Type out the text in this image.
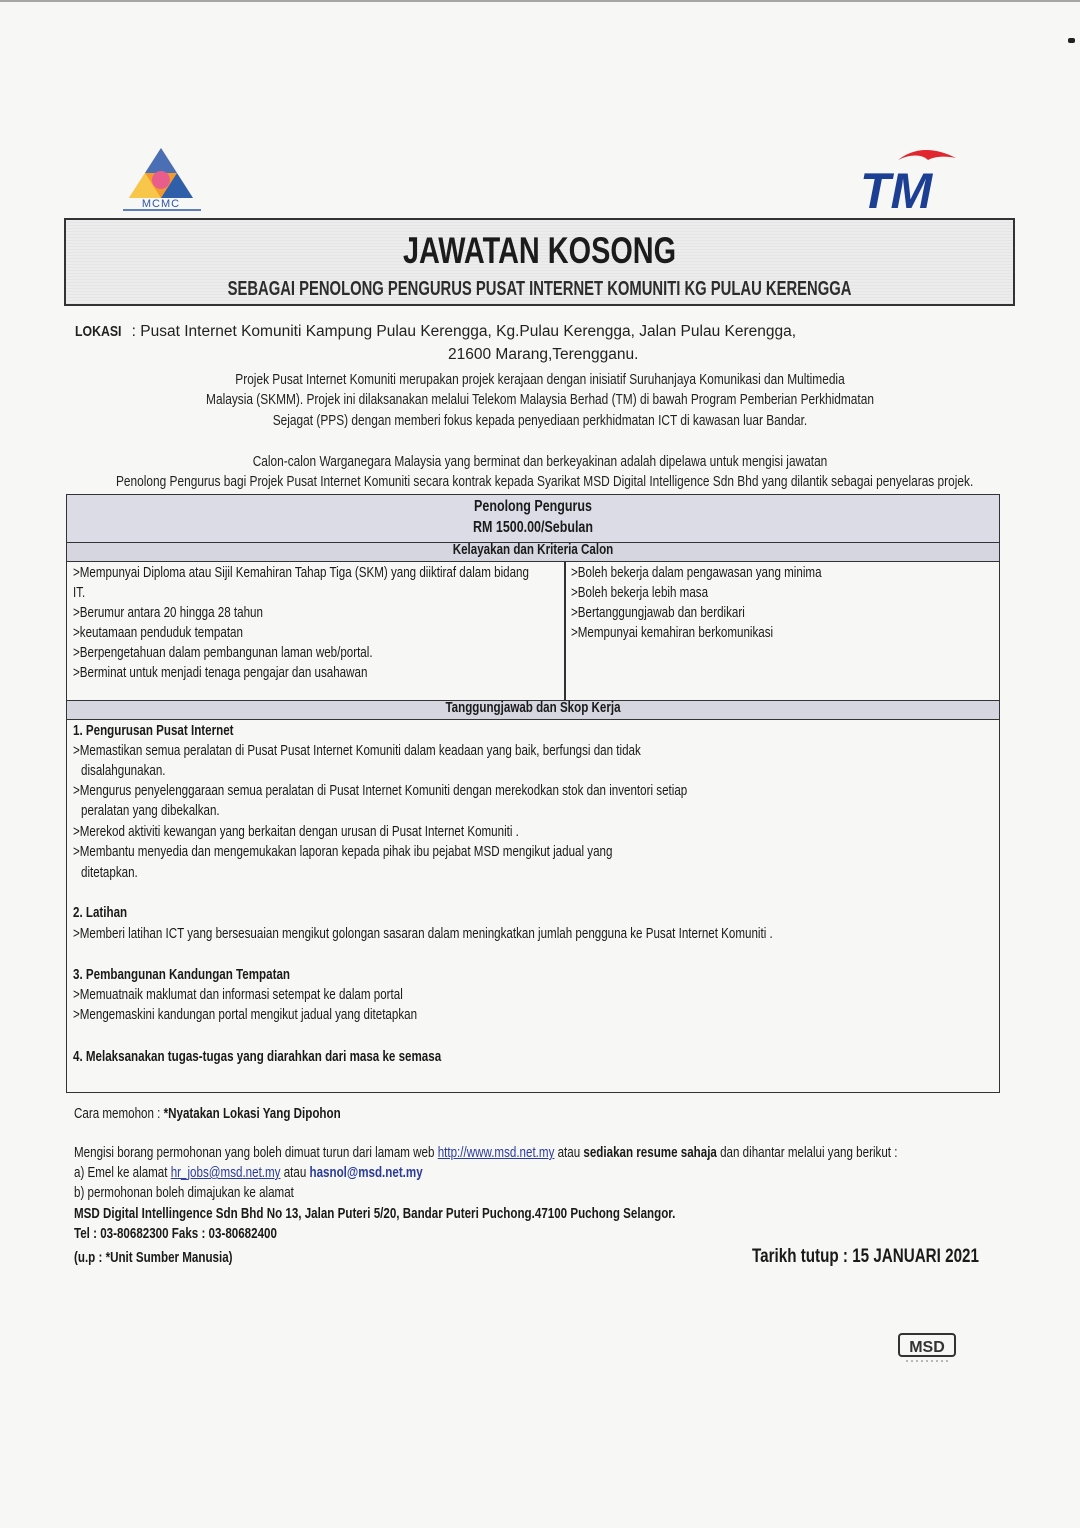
MCMC	TM
JAWATAN KOSONG
SEBAGAI PENOLONG PENGURUS PUSAT INTERNET KOMUNITI KG PULAU KERENGGA
LOKASI : Pusat Internet Komuniti Kampung Pulau Kerengga, Kg.Pulau Kerengga, Jalan Pulau Kerengga,
21600 Marang,Terengganu.
Projek Pusat Internet Komuniti merupakan projek kerajaan dengan inisiatif Suruhanjaya Komunikasi dan Multimedia
Malaysia (SKMM). Projek ini dilaksanakan melalui Telekom Malaysia Berhad (TM) di bawah Program Pemberian Perkhidmatan
Sejagat (PPS) dengan memberi fokus kepada penyediaan perkhidmatan ICT di kawasan luar Bandar.
Calon-calon Warganegara Malaysia yang berminat dan berkeyakinan adalah dipelawa untuk mengisi jawatan
Penolong Pengurus bagi Projek Pusat Internet Komuniti secara kontrak kepada Syarikat MSD Digital Intelligence Sdn Bhd yang dilantik sebagai penyelaras projek.
Penolong Pengurus
RM 1500.00/Sebulan
Kelayakan dan Kriteria Calon
>Mempunyai Diploma atau Sijil Kemahiran Tahap Tiga (SKM) yang diiktiraf dalam bidang
IT.
>Berumur antara 20 hingga 28 tahun
>keutamaan penduduk tempatan
>Berpengetahuan dalam pembangunan laman web/portal.
>Berminat untuk menjadi tenaga pengajar dan usahawan
>Boleh bekerja dalam pengawasan yang minima
>Boleh bekerja lebih masa
>Bertanggungjawab dan berdikari
>Mempunyai kemahiran berkomunikasi
Tanggungjawab dan Skop Kerja
1. Pengurusan Pusat Internet
>Memastikan semua peralatan di Pusat Pusat Internet Komuniti dalam keadaan yang baik, berfungsi dan tidak
disalahgunakan.
>Mengurus penyelenggaraan semua peralatan di Pusat Internet Komuniti dengan merekodkan stok dan inventori setiap
peralatan yang dibekalkan.
>Merekod aktiviti kewangan yang berkaitan dengan urusan di Pusat Internet Komuniti .
>Membantu menyedia dan mengemukakan laporan kepada pihak ibu pejabat MSD mengikut jadual yang
ditetapkan.
2. Latihan
>Memberi latihan ICT yang bersesuaian mengikut golongan sasaran dalam meningkatkan jumlah pengguna ke Pusat Internet Komuniti .
3. Pembangunan Kandungan Tempatan
>Memuatnaik maklumat dan informasi setempat ke dalam portal
>Mengemaskini kandungan portal mengikut jadual yang ditetapkan
4. Melaksanakan tugas-tugas yang diarahkan dari masa ke semasa
Cara memohon : *Nyatakan Lokasi Yang Dipohon
Mengisi borang permohonan yang boleh dimuat turun dari lamam web http://www.msd.net.my atau sediakan resume sahaja dan dihantar melalui yang berikut :
a) Emel ke alamat hr_jobs@msd.net.my atau hasnol@msd.net.my
b) permohonan boleh dimajukan ke alamat
MSD Digital Intellingence Sdn Bhd No 13, Jalan Puteri 5/20, Bandar Puteri Puchong.47100 Puchong Selangor.
Tel : 03-80682300 Faks : 03-80682400
(u.p : *Unit Sumber Manusia)	Tarikh tutup : 15 JANUARI 2021
MSD
